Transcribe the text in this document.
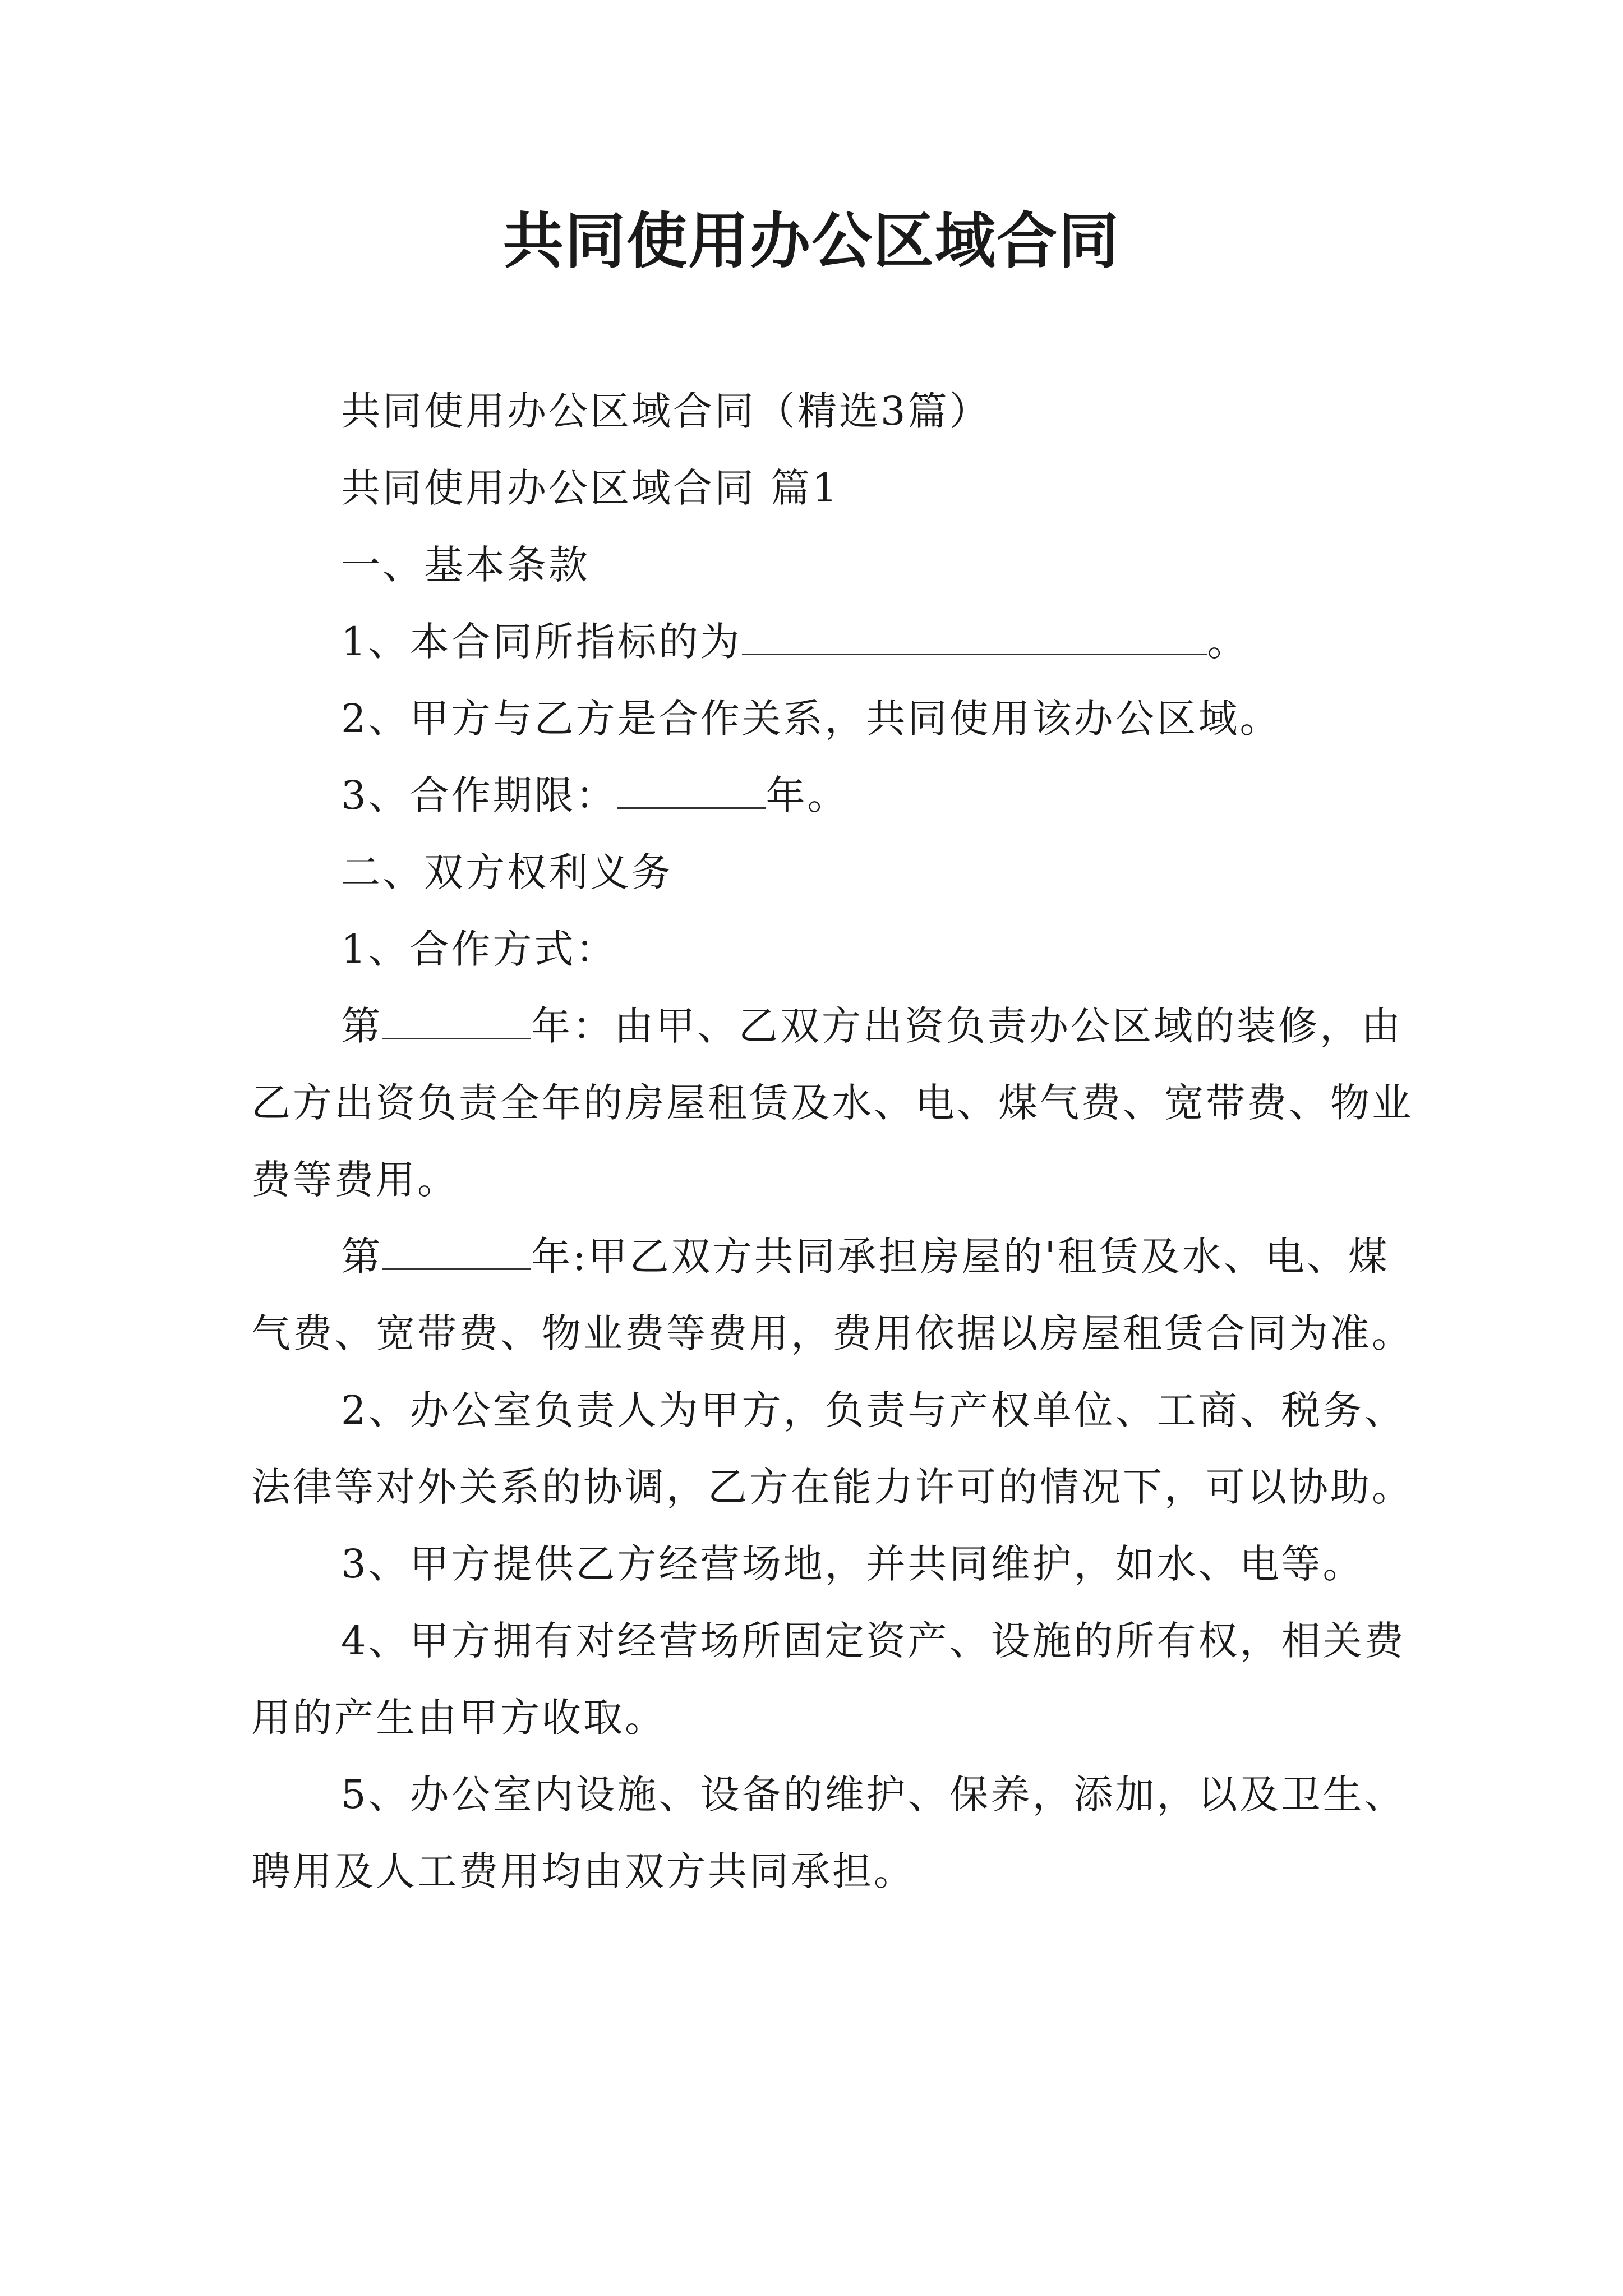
共同使用办公区域合同

共同使用办公区域合同（精选3篇）

共同使用办公区域合同 篇1

一、基本条款

1、本合同所指标的为	。

2、甲方与乙方是合作关系，共同使用该办公区域。

3、合作期限：	年。

二、双方权利义务

1、合作方式：

第	年：由甲、乙双方出资负责办公区域的装修，由乙方出资负责全年的房屋租赁及水、电、煤气费、宽带费、物业费等费用。

第	年:甲乙双方共同承担房屋的'租赁及水、电、煤气费、宽带费、物业费等费用，费用依据以房屋租赁合同为准。

2、办公室负责人为甲方，负责与产权单位、工商、税务、法律等对外关系的协调，乙方在能力许可的情况下，可以协助。

3、甲方提供乙方经营场地，并共同维护，如水、电等。

4、甲方拥有对经营场所固定资产、设施的所有权，相关费用的产生由甲方收取。

5、办公室内设施、设备的维护、保养，添加，以及卫生、聘用及人工费用均由双方共同承担。
